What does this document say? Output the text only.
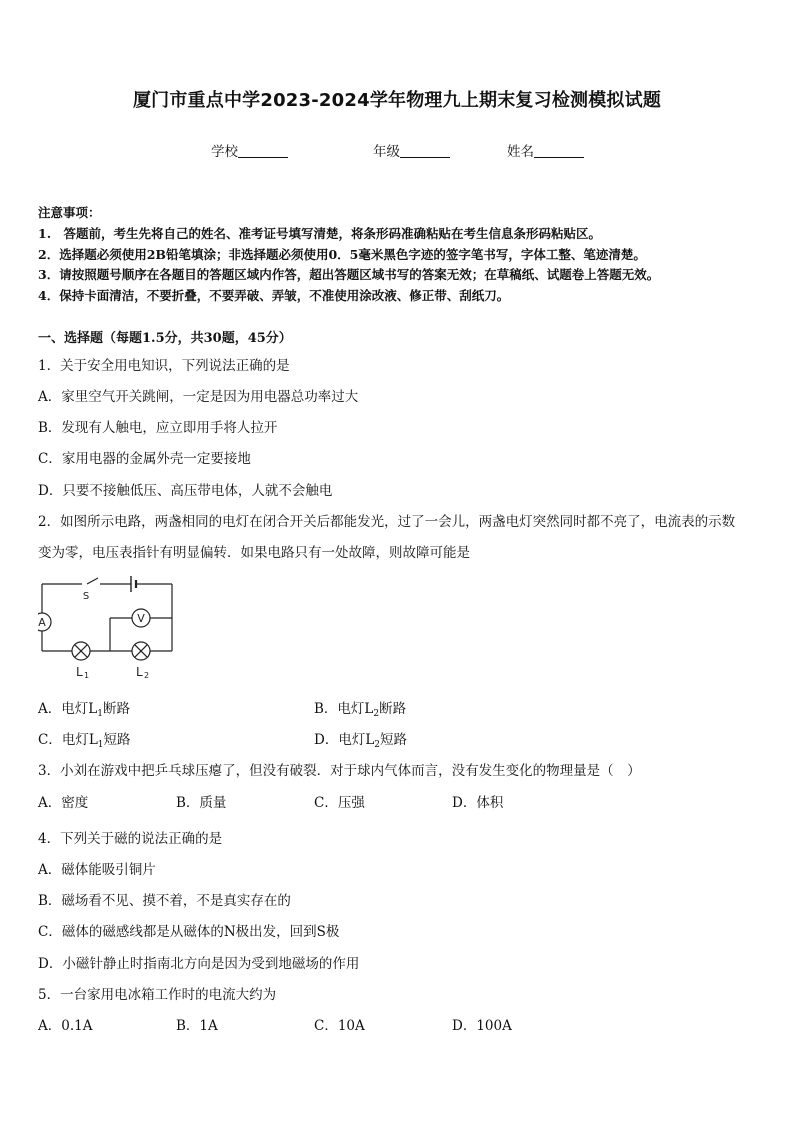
厦门市重点中学2023-2024学年物理九上期末复习检测模拟试题
学校	年级	姓名
注意事项：
1.　答题前，考生先将自己的姓名、准考证号填写清楚，将条形码准确粘贴在考生信息条形码粘贴区。
2．选择题必须使用2B铅笔填涂；非选择题必须使用0．5毫米黑色字迹的签字笔书写，字体工整、笔迹清楚。
3．请按照题号顺序在各题目的答题区域内作答，超出答题区域书写的答案无效；在草稿纸、试题卷上答题无效。
4．保持卡面清洁，不要折叠，不要弄破、弄皱，不准使用涂改液、修正带、刮纸刀。
一、选择题（每题1.5分，共30题，45分）
1．关于安全用电知识，下列说法正确的是
A．家里空气开关跳闸，一定是因为用电器总功率过大
B．发现有人触电，应立即用手将人拉开
C．家用电器的金属外壳一定要接地
D．只要不接触低压、高压带电体，人就不会触电
2．如图所示电路，两盏相同的电灯在闭合开关后都能发光，过了一会儿，两盏电灯突然同时都不亮了，电流表的示数
变为零，电压表指针有明显偏转．如果电路只有一处故障，则故障可能是
A	V
S
L 1	L 2
A．电灯$L_1$断路	B．电灯$L_2$断路
C．电灯$L_1$短路	D．电灯$L_2$短路
3．小刘在游戏中把乒乓球压瘪了，但没有破裂．对于球内气体而言，没有发生变化的物理量是（　）
A．密度	B．质量	C．压强	D．体积
4．下列关于磁的说法正确的是
A．磁体能吸引铜片
B．磁场看不见、摸不着，不是真实存在的
C．磁体的磁感线都是从磁体的N极出发，回到S极
D．小磁针静止时指南北方向是因为受到地磁场的作用
5．一台家用电冰箱工作时的电流大约为
A．0.1A	B．1A	C．10A	D．100A
